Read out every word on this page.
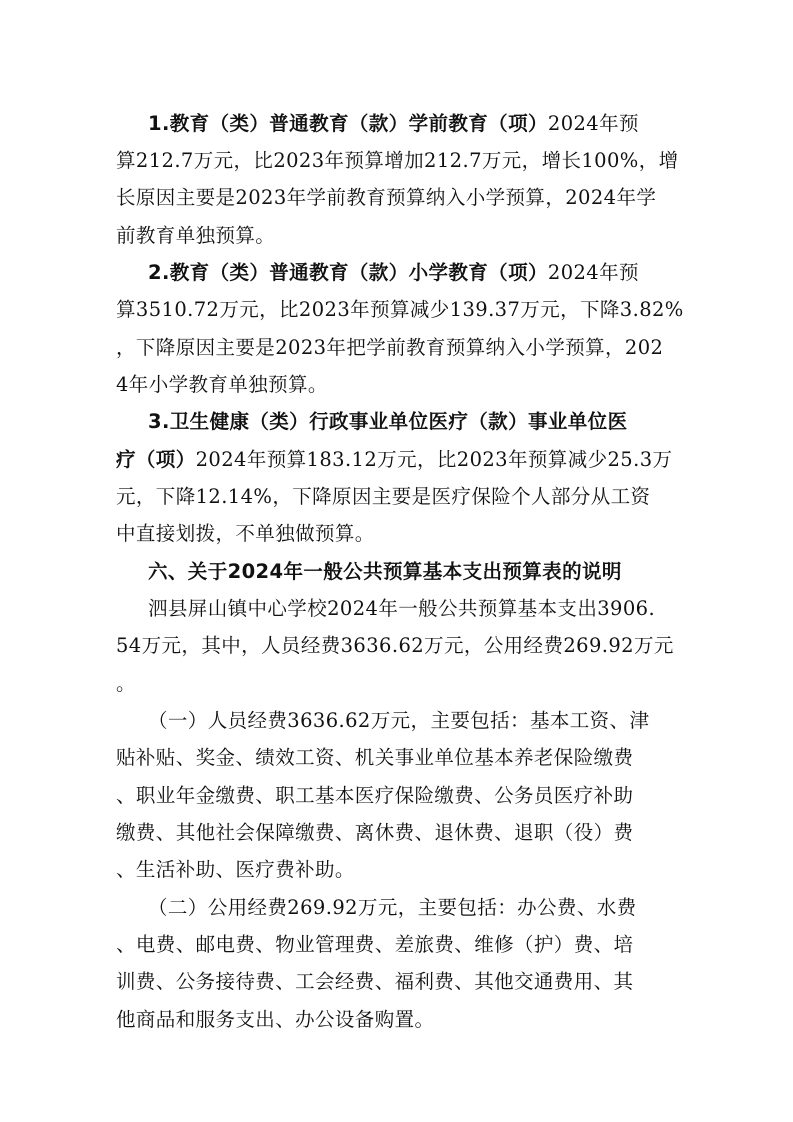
1.教育（类）普通教育（款）学前教育（项）2024年预
算212.7万元，比2023年预算增加212.7万元，增长100%，增
长原因主要是2023年学前教育预算纳入小学预算，2024年学
前教育单独预算。
2.教育（类）普通教育（款）小学教育（项）2024年预
算3510.72万元，比2023年预算减少139.37万元，下降3.82%
，下降原因主要是2023年把学前教育预算纳入小学预算，202
4年小学教育单独预算。
3.卫生健康（类）行政事业单位医疗（款）事业单位医
疗（项）2024年预算183.12万元，比2023年预算减少25.3万
元，下降12.14%，下降原因主要是医疗保险个人部分从工资
中直接划拨，不单独做预算。
六、关于2024年一般公共预算基本支出预算表的说明
泗县屏山镇中心学校2024年一般公共预算基本支出3906.
54万元，其中，人员经费3636.62万元，公用经费269.92万元
。
（一）人员经费3636.62万元，主要包括：基本工资、津
贴补贴、奖金、绩效工资、机关事业单位基本养老保险缴费
、职业年金缴费、职工基本医疗保险缴费、公务员医疗补助
缴费、其他社会保障缴费、离休费、退休费、退职（役）费
、生活补助、医疗费补助。
（二）公用经费269.92万元，主要包括：办公费、水费
、电费、邮电费、物业管理费、差旅费、维修（护）费、培
训费、公务接待费、工会经费、福利费、其他交通费用、其
他商品和服务支出、办公设备购置。
